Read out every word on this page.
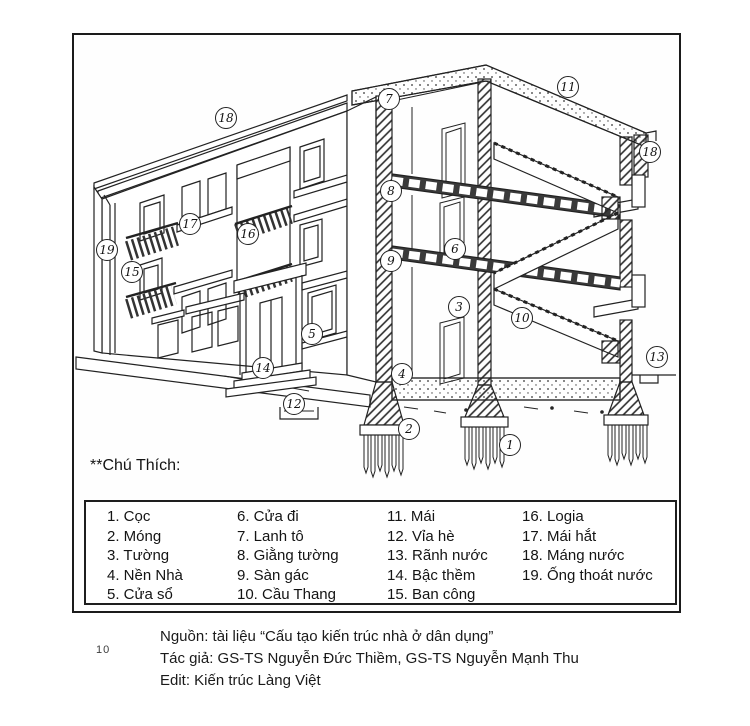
19
15
17
16
18
14
12
5
7
8
9
6
3
4
2
1
10
11
13
18
**Chú Thích:
1. Cọc
2. Móng
3. Tường
4. Nền Nhà
5. Cửa sổ
6. Cửa đi
7. Lanh tô
8. Giằng tường
9. Sàn gác
10. Cầu Thang
11. Mái
12. Vỉa hè
13. Rãnh nước
14. Bậc thềm
15. Ban công
16. Logia
17. Mái hắt
18. Máng nước
19. Ống thoát nước
Nguồn: tài liệu “Cấu tạo kiến trúc nhà ở dân dụng”
Tác giả: GS-TS Nguyễn Đức Thiềm, GS-TS Nguyễn Mạnh Thu
Edit: Kiến trúc Làng Việt
10
